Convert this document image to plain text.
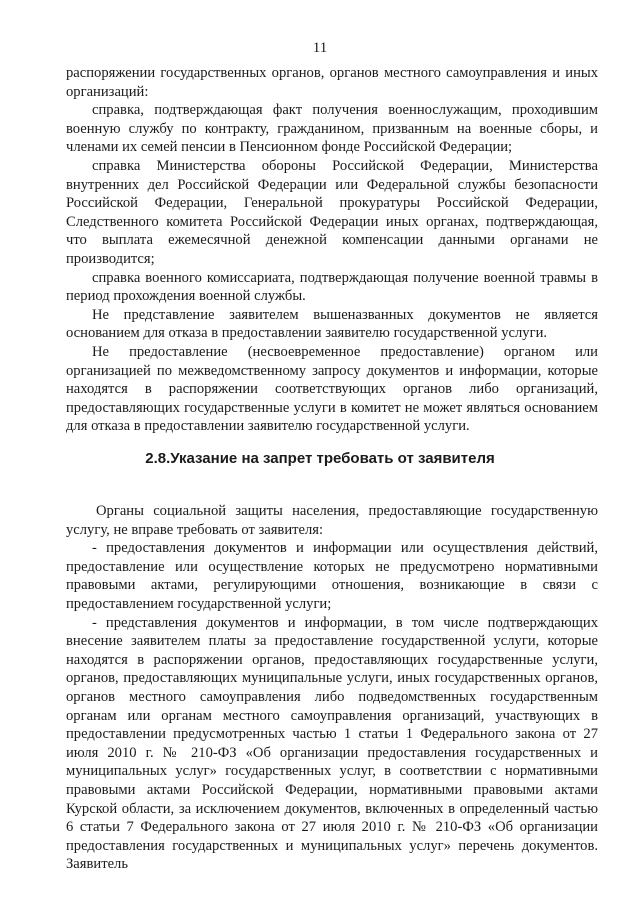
11

распоряжении государственных органов, органов местного самоуправления и иных организаций:

справка, подтверждающая факт получения военнослужащим, проходившим военную службу по контракту, гражданином, призванным на военные сборы, и членами их семей пенсии в Пенсионном фонде Российской Федерации;

справка Министерства обороны Российской Федерации, Министерства внутренних дел Российской Федерации или Федеральной службы безопасности Российской Федерации, Генеральной прокуратуры Российской Федерации, Следственного комитета Российской Федерации иных органах, подтверждающая, что выплата ежемесячной денежной компенсации данными органами не производится;

справка военного комиссариата, подтверждающая получение военной травмы в период прохождения военной службы.

Не представление заявителем вышеназванных документов не является основанием для отказа в предоставлении заявителю государственной услуги.

Не предоставление (несвоевременное предоставление) органом или организацией по межведомственному запросу документов и информации, которые находятся в распоряжении соответствующих органов либо организаций, предоставляющих государственные услуги в комитет не может являться основанием для отказа в предоставлении заявителю государственной услуги.

2.8.Указание на запрет требовать от заявителя

Органы социальной защиты населения, предоставляющие государственную услугу, не вправе требовать от заявителя:

- предоставления документов и информации или осуществления действий, предоставление или осуществление которых не предусмотрено нормативными правовыми актами, регулирующими отношения, возникающие в связи с предоставлением государственной услуги;

- представления документов и информации, в том числе подтверждающих внесение заявителем платы за предоставление государственной услуги, которые находятся в распоряжении органов, предоставляющих государственные услуги, органов, предоставляющих муниципальные услуги, иных государственных органов, органов местного самоуправления либо подведомственных государственным органам или органам местного самоуправления организаций, участвующих в предоставлении предусмотренных частью 1 статьи 1 Федерального закона от 27 июля 2010 г. № 210-ФЗ «Об организации предоставления государственных и муниципальных услуг» государственных услуг, в соответствии с нормативными правовыми актами Российской Федерации, нормативными правовыми актами Курской области, за исключением документов, включенных в определенный частью 6 статьи 7 Федерального закона от 27 июля 2010 г. № 210-ФЗ «Об организации предоставления государственных и муниципальных услуг» перечень документов. Заявитель
